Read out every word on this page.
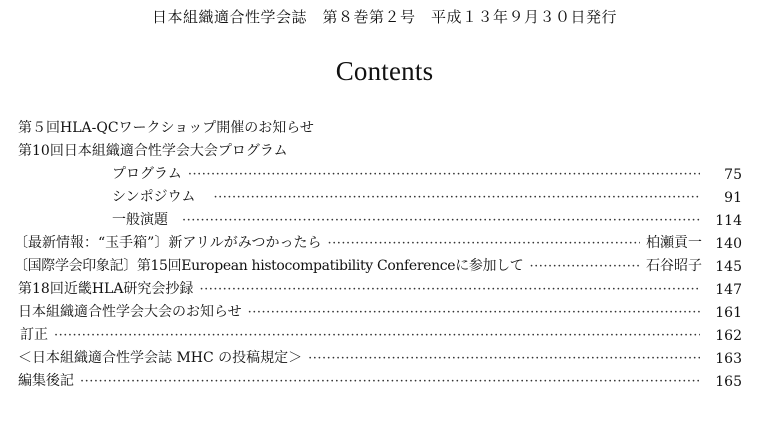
日本組織適合性学会誌　第８巻第２号　平成１３年９月３０日発行
Contents
第５回HLA-QCワークショップ開催のお知らせ
第10回日本組織適合性学会大会プログラム
プログラム ·····	75
シンポジウム ·····	91
一般演題 ·····	114
〔最新情報：“玉手箱”〕新アリルがみつかったら ·····	柏瀬貢一 140
〔国際学会印象記〕第15回European histocompatibility Conferenceに参加して ·····	石谷昭子 145
第18回近畿HLA研究会抄録 ·····	147
日本組織適合性学会大会のお知らせ ·····	161
訂正 ·····	162
＜日本組織適合性学会誌 MHC の投稿規定＞ ·····	163
編集後記 ·····	165
